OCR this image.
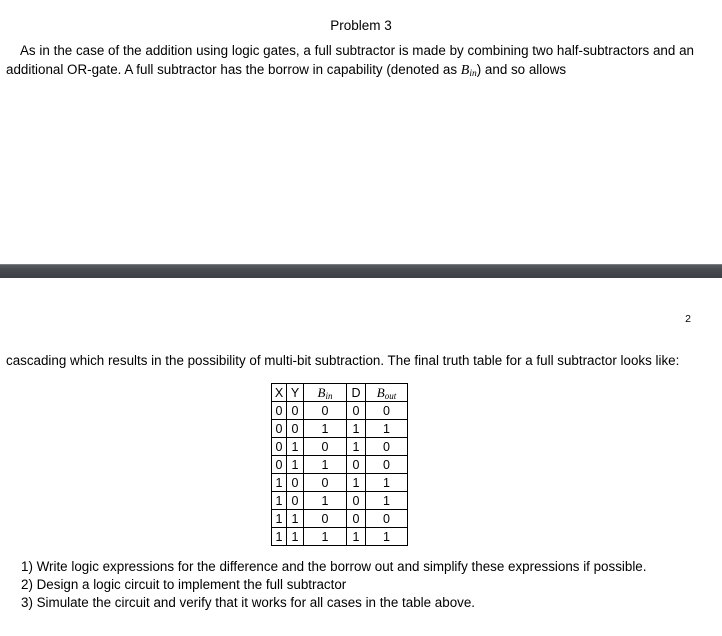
Problem 3
As in the case of the addition using logic gates, a full subtractor is made by combining two half-subtractors and an additional OR-gate. A full subtractor has the borrow in capability (denoted as $B_{in}$) and so allows
2
cascading which results in the possibility of multi-bit subtraction. The final truth table for a full subtractor looks like:
X	Y	$B_{in}$	D	$B_{out}$
0	0	0	0	0
0	0	1	1	1
0	1	0	1	0
0	1	1	0	0
1	0	0	1	1
1	0	1	0	1
1	1	0	0	0
1	1	1	1	1
1) Write logic expressions for the difference and the borrow out and simplify these expressions if possible.
2) Design a logic circuit to implement the full subtractor
3) Simulate the circuit and verify that it works for all cases in the table above.
